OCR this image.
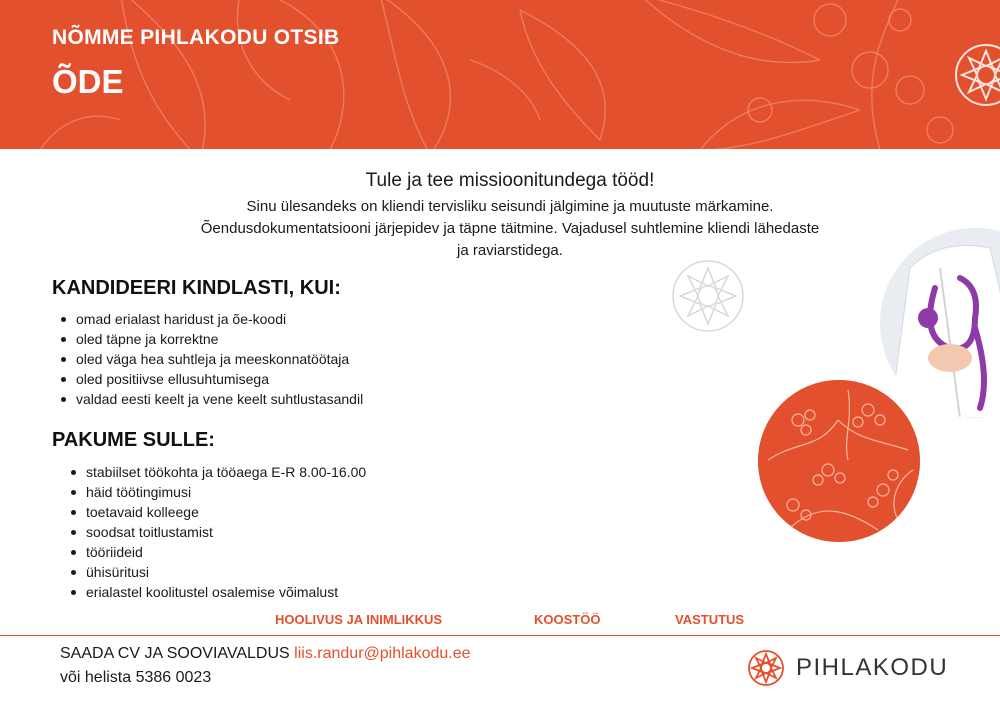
NÕMME PIHLAKODU OTSIB
ÕDE
Tule ja tee missioonitundega tööd!
Sinu ülesandeks on kliendi tervisliku seisundi jälgimine ja muutuste märkamine.
Õendusdokumentatsiooni järjepidev ja täpne täitmine. Vajadusel suhtlemine kliendi lähedaste
ja raviarstidega.
KANDIDEERI KINDLASTI, KUI:
omad erialast haridust ja õe-koodi
oled täpne ja korrektne
oled väga hea suhtleja ja meeskonnatöötaja
oled positiivse ellusuhtumisega
valdad eesti keelt ja vene keelt suhtlustasandil
PAKUME SULLE:
stabiilset töökohta ja tööaega E-R 8.00-16.00
häid töötingimusi
toetavaid kolleege
soodsat toitlustamist
tööriideid
ühisüritusi
erialastel koolitustel osalemise võimalust
HOOLIVUS JA INIMLIKKUS	KOOSTÖÖ	VASTUTUS
SAADA CV JA SOOVIAVALDUS liis.randur@pihlakodu.ee
või helista 5386 0023	PIHLAKODU
